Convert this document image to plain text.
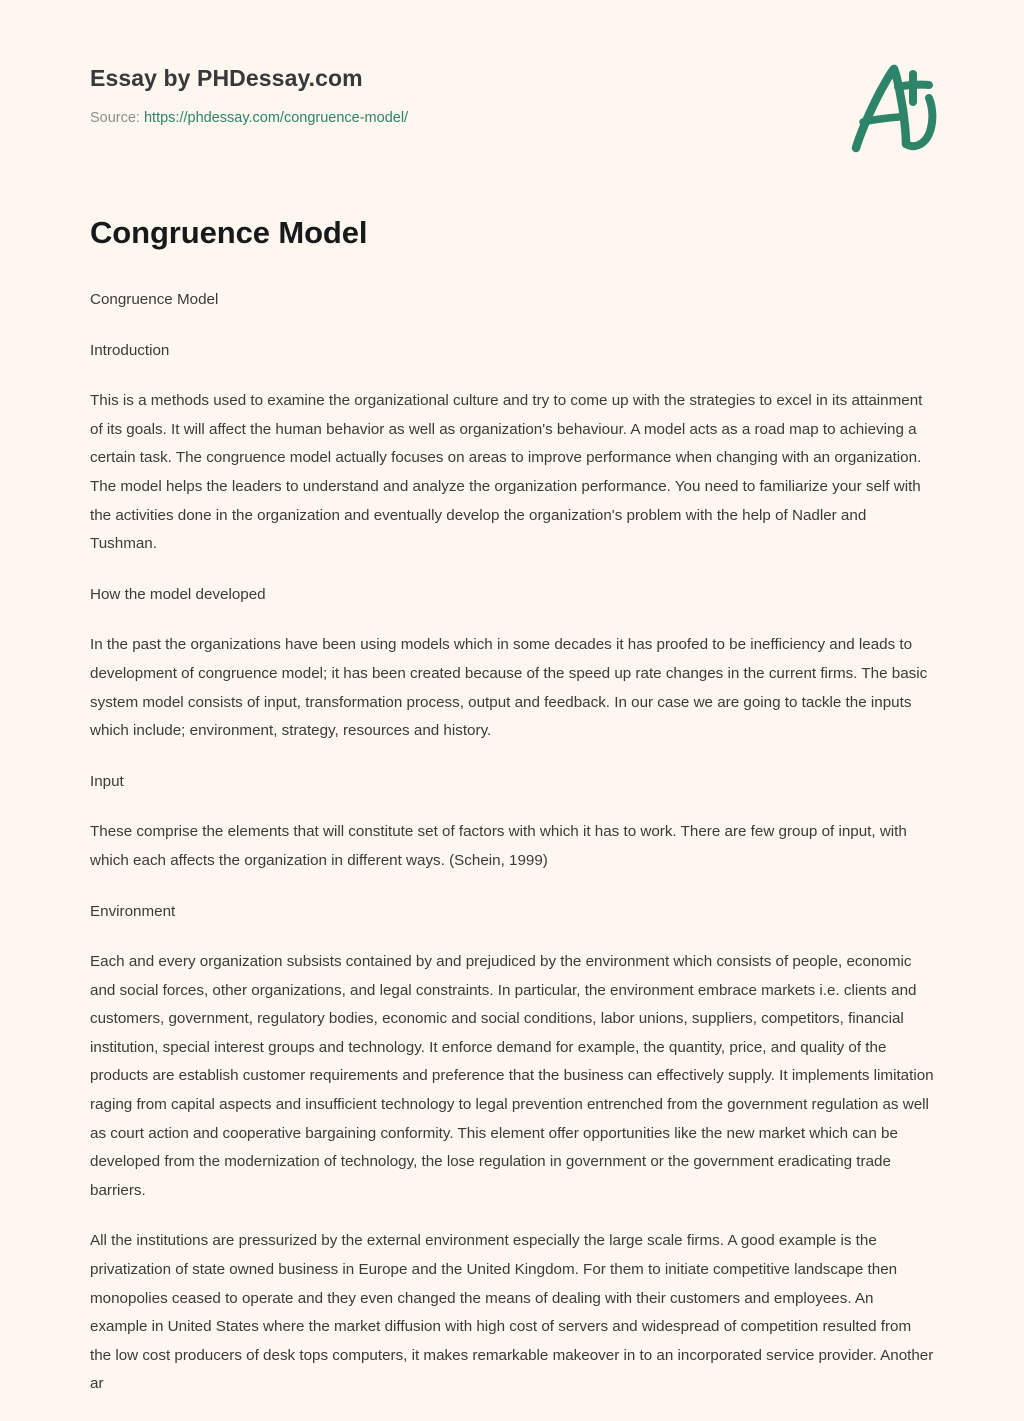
Essay by PHDessay.com
Source: https://phdessay.com/congruence-model/
Congruence Model

Congruence Model

Introduction

This is a methods used to examine the organizational culture and try to come up with the strategies to excel in its attainment of its goals. It will affect the human behavior as well as organization's behaviour. A model acts as a road map to achieving a certain task. The congruence model actually focuses on areas to improve performance when changing with an organization. The model helps the leaders to understand and analyze the organization performance. You need to familiarize your self with the activities done in the organization and eventually develop the organization's problem with the help of Nadler and Tushman.

How the model developed

In the past the organizations have been using models which in some decades it has proofed to be inefficiency and leads to development of congruence model; it has been created because of the speed up rate changes in the current firms. The basic system model consists of input, transformation process, output and feedback. In our case we are going to tackle the inputs which include; environment, strategy, resources and history.

Input

These comprise the elements that will constitute set of factors with which it has to work. There are few group of input, with which each affects the organization in different ways. (Schein, 1999)

Environment

Each and every organization subsists contained by and prejudiced by the environment which consists of people, economic and social forces, other organizations, and legal constraints. In particular, the environment embrace markets i.e. clients and customers, government, regulatory bodies, economic and social conditions, labor unions, suppliers, competitors, financial institution, special interest groups and technology. It enforce demand for example, the quantity, price, and quality of the products are establish customer requirements and preference that the business can effectively supply. It implements limitation raging from capital aspects and insufficient technology to legal prevention entrenched from the government regulation as well as court action and cooperative bargaining conformity. This element offer opportunities like the new market which can be developed from the modernization of technology, the lose regulation in government or the government eradicating trade barriers.

All the institutions are pressurized by the external environment especially the large scale firms. A good example is the privatization of state owned business in Europe and the United Kingdom. For them to initiate competitive landscape then monopolies ceased to operate and they even changed the means of dealing with their customers and employees. An example in United States where the market diffusion with high cost of servers and widespread of competition resulted from the low cost producers of desk tops computers, it makes remarkable makeover in to an incorporated service provider. Another ar
